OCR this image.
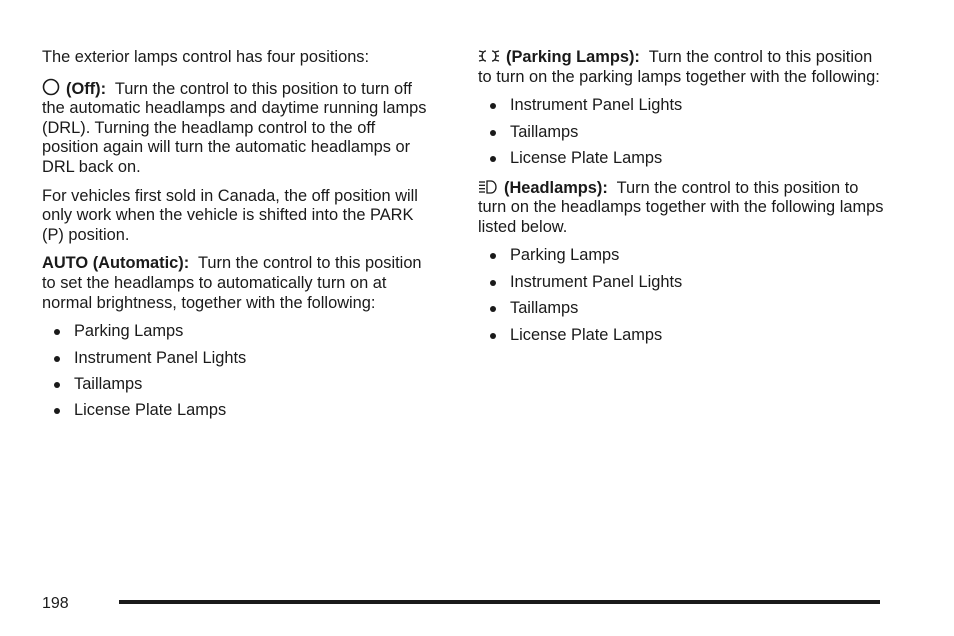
The exterior lamps control has four positions:

(Off): Turn the control to this position to turn off the automatic headlamps and daytime running lamps (DRL). Turning the headlamp control to the off position again will turn the automatic headlamps or DRL back on.

For vehicles first sold in Canada, the off position will only work when the vehicle is shifted into the PARK (P) position.

AUTO (Automatic): Turn the control to this position to set the headlamps to automatically turn on at normal brightness, together with the following:

Parking Lamps
Instrument Panel Lights
Taillamps
License Plate Lamps

(Parking Lamps): Turn the control to this position to turn on the parking lamps together with the following:

Instrument Panel Lights
Taillamps
License Plate Lamps

(Headlamps): Turn the control to this position to turn on the headlamps together with the following lamps listed below.

Parking Lamps
Instrument Panel Lights
Taillamps
License Plate Lamps
198
